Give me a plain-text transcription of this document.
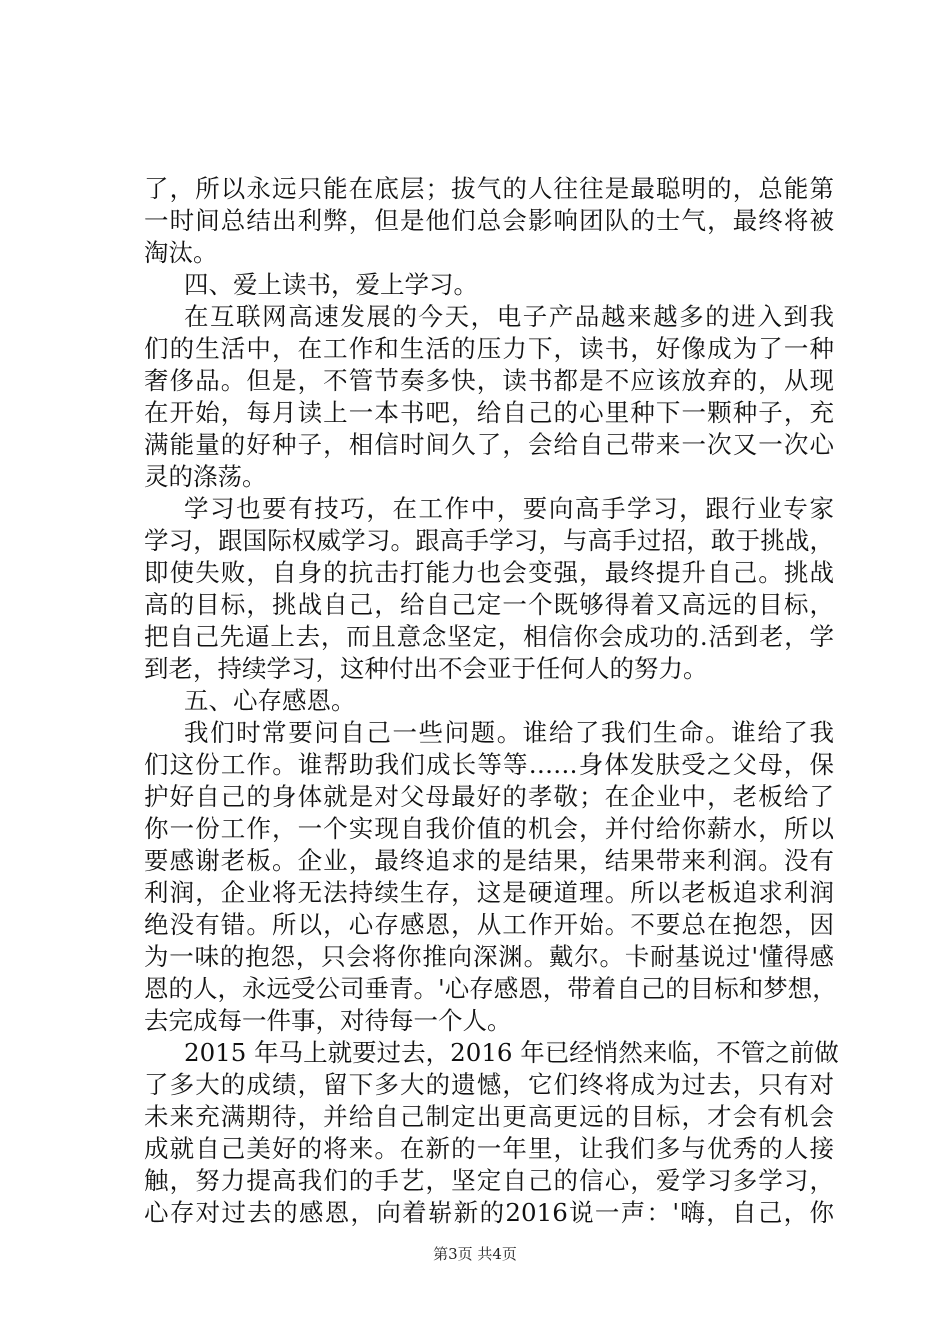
了，所以永远只能在底层；拔气的人往往是最聪明的，总能第
一时间总结出利弊，但是他们总会影响团队的士气，最终将被
淘汰。
四、爱上读书，爱上学习。
在互联网高速发展的今天，电子产品越来越多的进入到我
们的生活中，在工作和生活的压力下，读书，好像成为了一种
奢侈品。但是，不管节奏多快，读书都是不应该放弃的，从现
在开始，每月读上一本书吧，给自己的心里种下一颗种子，充
满能量的好种子，相信时间久了，会给自己带来一次又一次心
灵的涤荡。
学习也要有技巧，在工作中，要向高手学习，跟行业专家
学习，跟国际权威学习。跟高手学习，与高手过招，敢于挑战，
即使失败，自身的抗击打能力也会变强，最终提升自己。挑战
高的目标，挑战自己，给自己定一个既够得着又高远的目标，
把自己先逼上去，而且意念坚定，相信你会成功的.活到老，学
到老，持续学习，这种付出不会亚于任何人的努力。
五、心存感恩。
我们时常要问自己一些问题。谁给了我们生命。谁给了我
们这份工作。谁帮助我们成长等等……身体发肤受之父母，保
护好自己的身体就是对父母最好的孝敬；在企业中，老板给了
你一份工作，一个实现自我价值的机会，并付给你薪水，所以
要感谢老板。企业，最终追求的是结果，结果带来利润。没有
利润，企业将无法持续生存，这是硬道理。所以老板追求利润
绝没有错。所以，心存感恩，从工作开始。不要总在抱怨，因
为一味的抱怨，只会将你推向深渊。戴尔。卡耐基说过'懂得感
恩的人，永远受公司垂青。'心存感恩，带着自己的目标和梦想，
去完成每一件事，对待每一个人。
2015 年马上就要过去，2016 年已经悄然来临，不管之前做
了多大的成绩，留下多大的遗憾，它们终将成为过去，只有对
未来充满期待，并给自己制定出更高更远的目标，才会有机会
成就自己美好的将来。在新的一年里，让我们多与优秀的人接
触，努力提高我们的手艺，坚定自己的信心，爱学习多学习，
心存对过去的感恩，向着崭新的2016说一声：'嗨，自己，你
第3页 共4页
